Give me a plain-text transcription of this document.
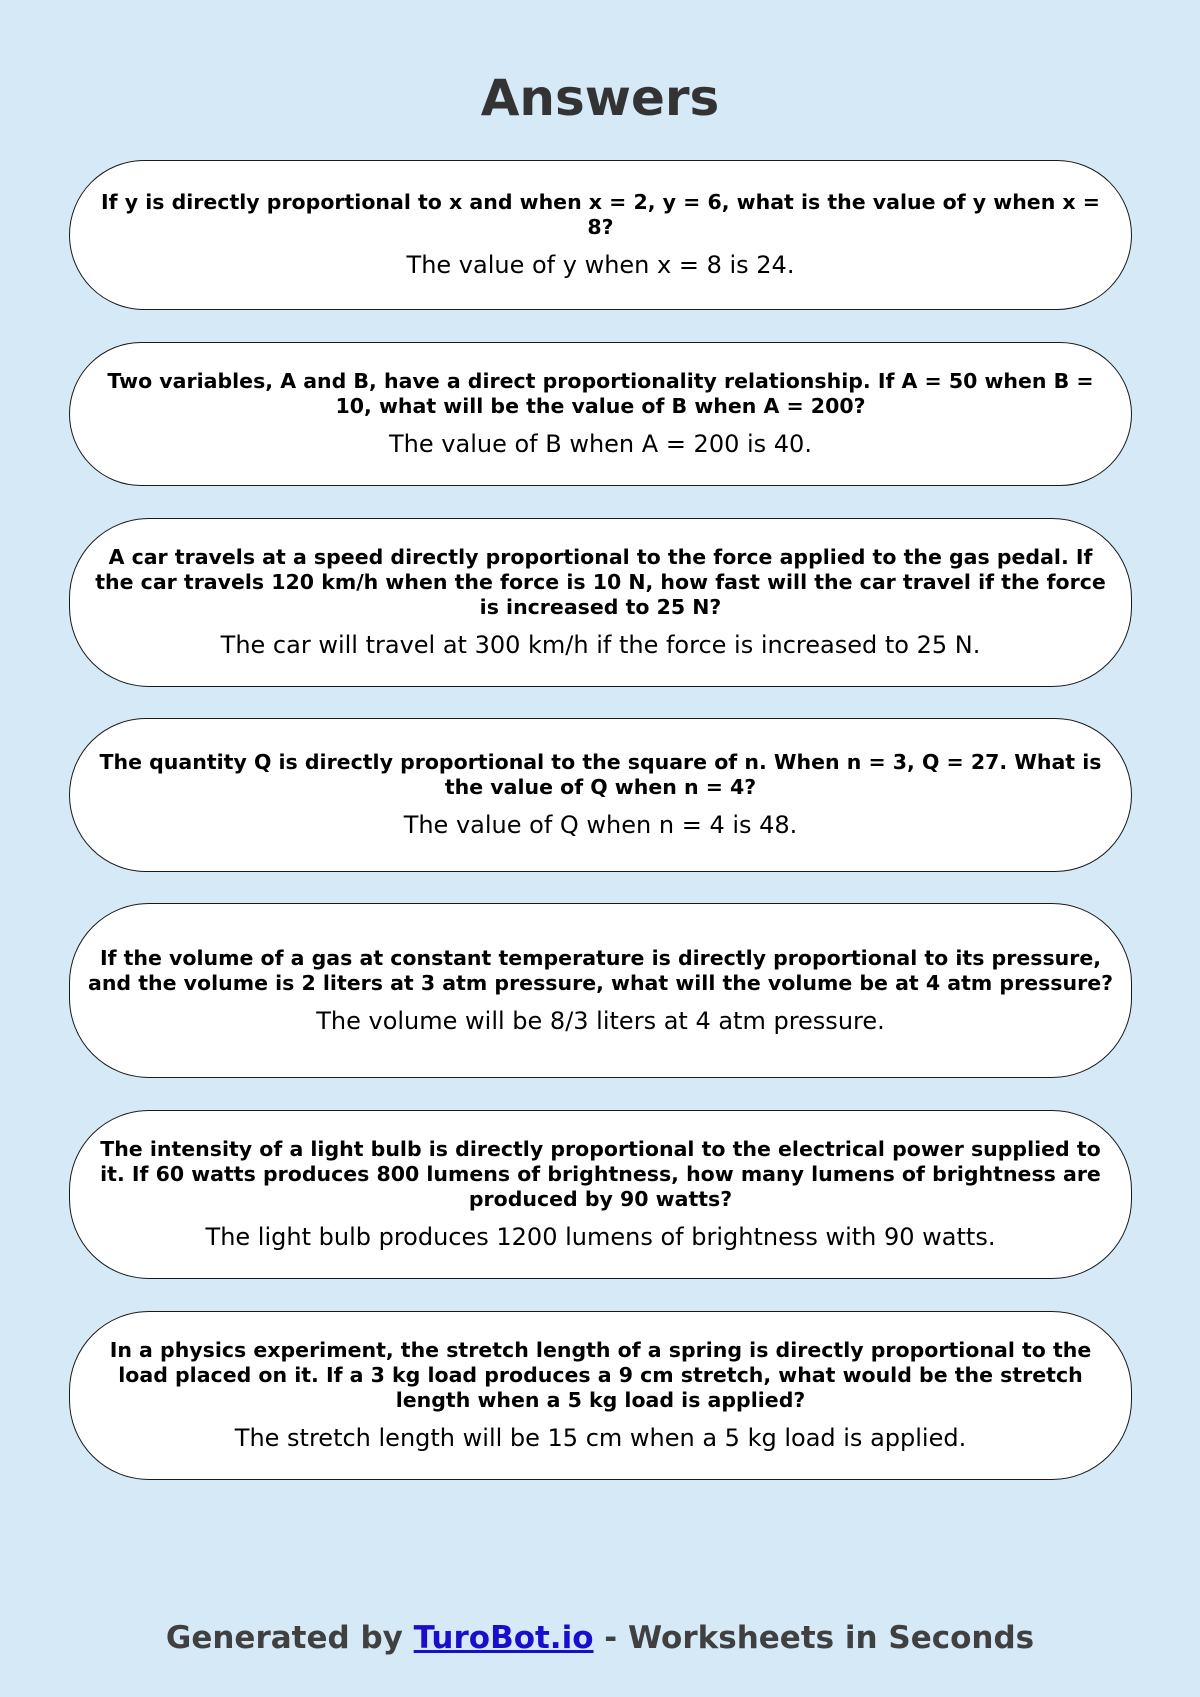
Answers

If y is directly proportional to x and when x = 2, y = 6, what is the value of y when x = 8?

The value of y when x = 8 is 24.

Two variables, A and B, have a direct proportionality relationship. If A = 50 when B = 10, what will be the value of B when A = 200?

The value of B when A = 200 is 40.

A car travels at a speed directly proportional to the force applied to the gas pedal. If the car travels 120 km/h when the force is 10 N, how fast will the car travel if the force is increased to 25 N?

The car will travel at 300 km/h if the force is increased to 25 N.

The quantity Q is directly proportional to the square of n. When n = 3, Q = 27. What is the value of Q when n = 4?

The value of Q when n = 4 is 48.

If the volume of a gas at constant temperature is directly proportional to its pressure, and the volume is 2 liters at 3 atm pressure, what will the volume be at 4 atm pressure?

The volume will be 8/3 liters at 4 atm pressure.

The intensity of a light bulb is directly proportional to the electrical power supplied to it. If 60 watts produces 800 lumens of brightness, how many lumens of brightness are produced by 90 watts?

The light bulb produces 1200 lumens of brightness with 90 watts.

In a physics experiment, the stretch length of a spring is directly proportional to the load placed on it. If a 3 kg load produces a 9 cm stretch, what would be the stretch length when a 5 kg load is applied?

The stretch length will be 15 cm when a 5 kg load is applied.

Generated by TuroBot.io - Worksheets in Seconds
